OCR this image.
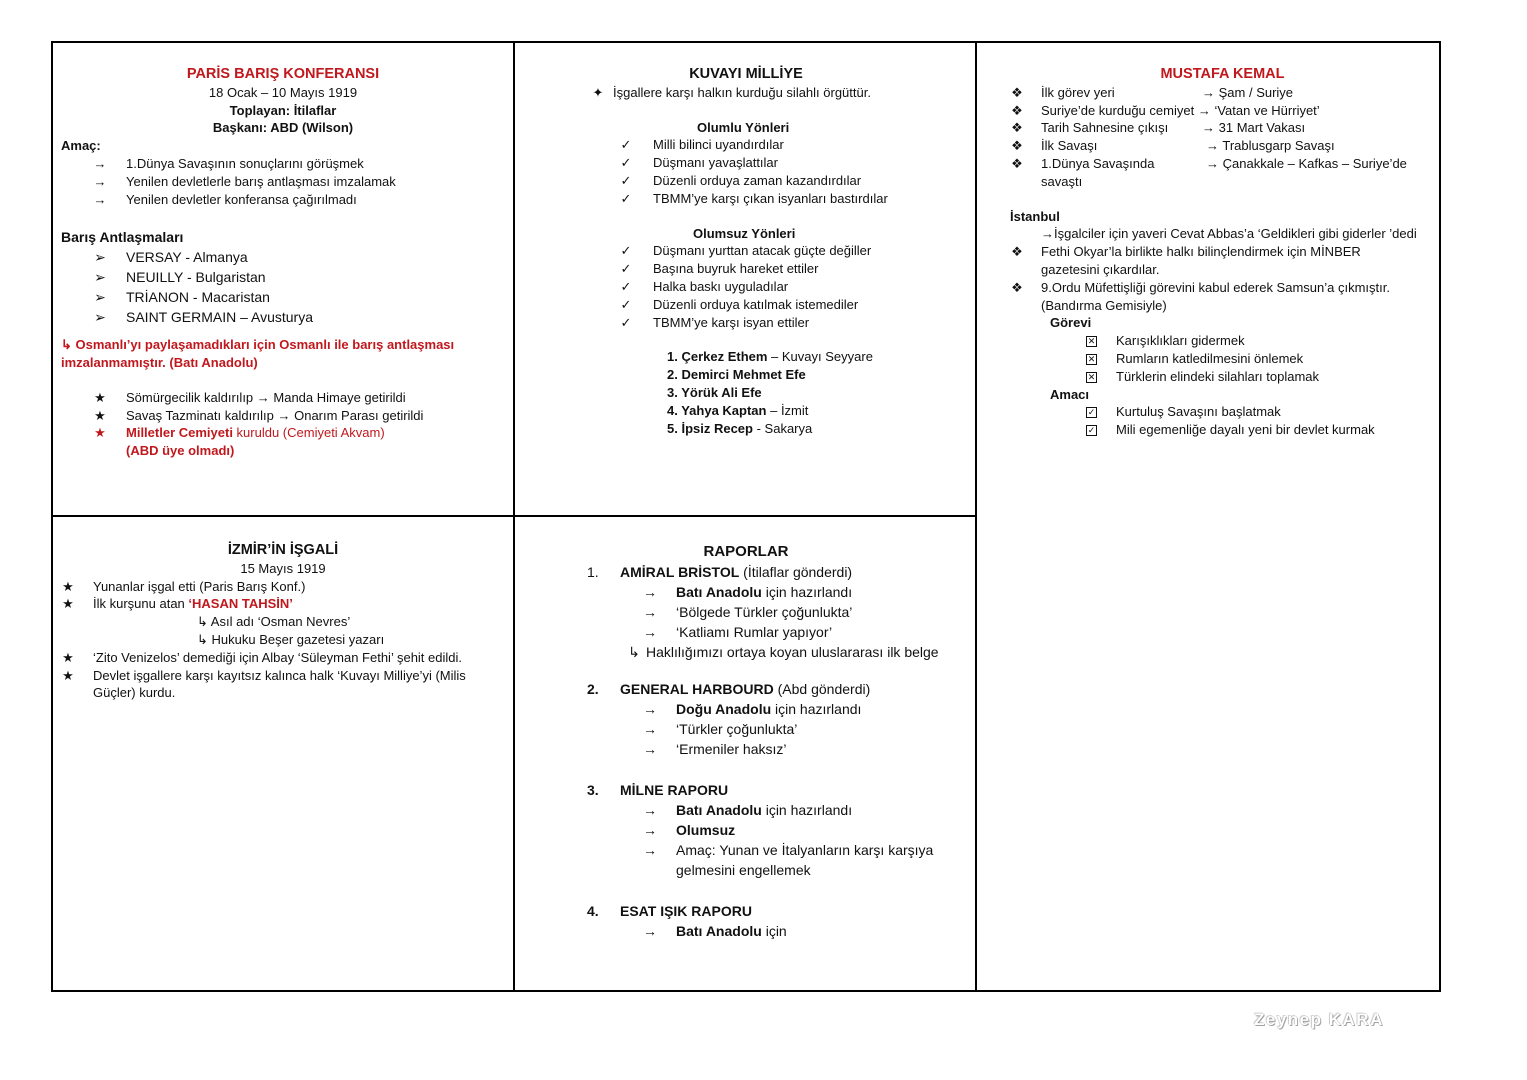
PARİS BARIŞ KONFERANSI
18 Ocak – 10 Mayıs 1919
Toplayan: İtilaflar
Başkanı: ABD (Wilson)
Amaç:
→ 1.Dünya Savaşının sonuçlarını görüşmek
→ Yenilen devletlerle barış antlaşması imzalamak
→ Yenilen devletler konferansa çağırılmadı
Barış Antlaşmaları
➢ VERSAY - Almanya
➢ NEUILLY - Bulgaristan
➢ TRİANON - Macaristan
➢ SAINT GERMAIN – Avusturya
↳ Osmanlı’yı paylaşamadıkları için Osmanlı ile barış antlaşması
imzalanmamıştır. (Batı Anadolu)
★ Sömürgecilik kaldırılıp → Manda Himaye getirildi
★ Savaş Tazminatı kaldırılıp → Onarım Parası getirildi
★ Milletler Cemiyeti kuruldu (Cemiyeti Akvam)
(ABD üye olmadı)
KUVAYI MİLLİYE
✦ İşgallere karşı halkın kurduğu silahlı örgüttür.
Olumlu Yönleri
✓ Milli bilinci uyandırdılar
✓ Düşmanı yavaşlattılar
✓ Düzenli orduya zaman kazandırdılar
✓ TBMM’ye karşı çıkan isyanları bastırdılar
Olumsuz Yönleri
✓ Düşmanı yurttan atacak güçte değiller
✓ Başına buyruk hareket ettiler
✓ Halka baskı uyguladılar
✓ Düzenli orduya katılmak istemediler
✓ TBMM’ye karşı isyan ettiler
1. Çerkez Ethem – Kuvayı Seyyare
2. Demirci Mehmet Efe
3. Yörük Ali Efe
4. Yahya Kaptan – İzmit
5. İpsiz Recep - Sakarya
MUSTAFA KEMAL
❖ İlk görev yeri	→ Şam / Suriye
❖ Suriye’de kurduğu cemiyet → ‘Vatan ve Hürriyet’
❖ Tarih Sahnesine çıkışı	→ 31 Mart Vakası
❖ İlk Savaşı	→ Trablusgarp Savaşı
❖ 1.Dünya Savaşında	→ Çanakkale – Kafkas – Suriye’de
savaştı
İstanbul
→İşgalciler için yaveri Cevat Abbas’a ‘Geldikleri gibi giderler ’dedi
❖ Fethi Okyar’la birlikte halkı bilinçlendirmek için MİNBER
gazetesini çıkardılar.
❖ 9.Ordu Müfettişliği görevini kabul ederek Samsun’a çıkmıştır.
(Bandırma Gemisiyle)
Görevi
✕ Karışıklıkları gidermek
✕ Rumların katledilmesini önlemek
✕ Türklerin elindeki silahları toplamak
Amacı
✓ Kurtuluş Savaşını başlatmak
✓ Mili egemenliğe dayalı yeni bir devlet kurmak
İZMİR’İN İŞGALİ
15 Mayıs 1919
★ Yunanlar işgal etti (Paris Barış Konf.)
★ İlk kurşunu atan ‘HASAN TAHSİN’
↳ Asıl adı ‘Osman Nevres’
↳ Hukuku Beşer gazetesi yazarı
★ ‘Zito Venizelos’ demediği için Albay ‘Süleyman Fethi’ şehit edildi.
★ Devlet işgallere karşı kayıtsız kalınca halk ‘Kuvayı Milliye’yi (Milis
Güçler) kurdu.
RAPORLAR
1. AMİRAL BRİSTOL (İtilaflar gönderdi)
→ Batı Anadolu için hazırlandı
→ ‘Bölgede Türkler çoğunlukta’
→ ‘Katliamı Rumlar yapıyor’
↳ Haklılığımızı ortaya koyan uluslararası ilk belge
2. GENERAL HARBOURD (Abd gönderdi)
→ Doğu Anadolu için hazırlandı
→ ‘Türkler çoğunlukta’
→ ‘Ermeniler haksız’
3. MİLNE RAPORU
→ Batı Anadolu için hazırlandı
→ Olumsuz
→ Amaç: Yunan ve İtalyanların karşı karşıya
gelmesini engellemek
4. ESAT IŞIK RAPORU
→ Batı Anadolu için
Zeynep KARA
